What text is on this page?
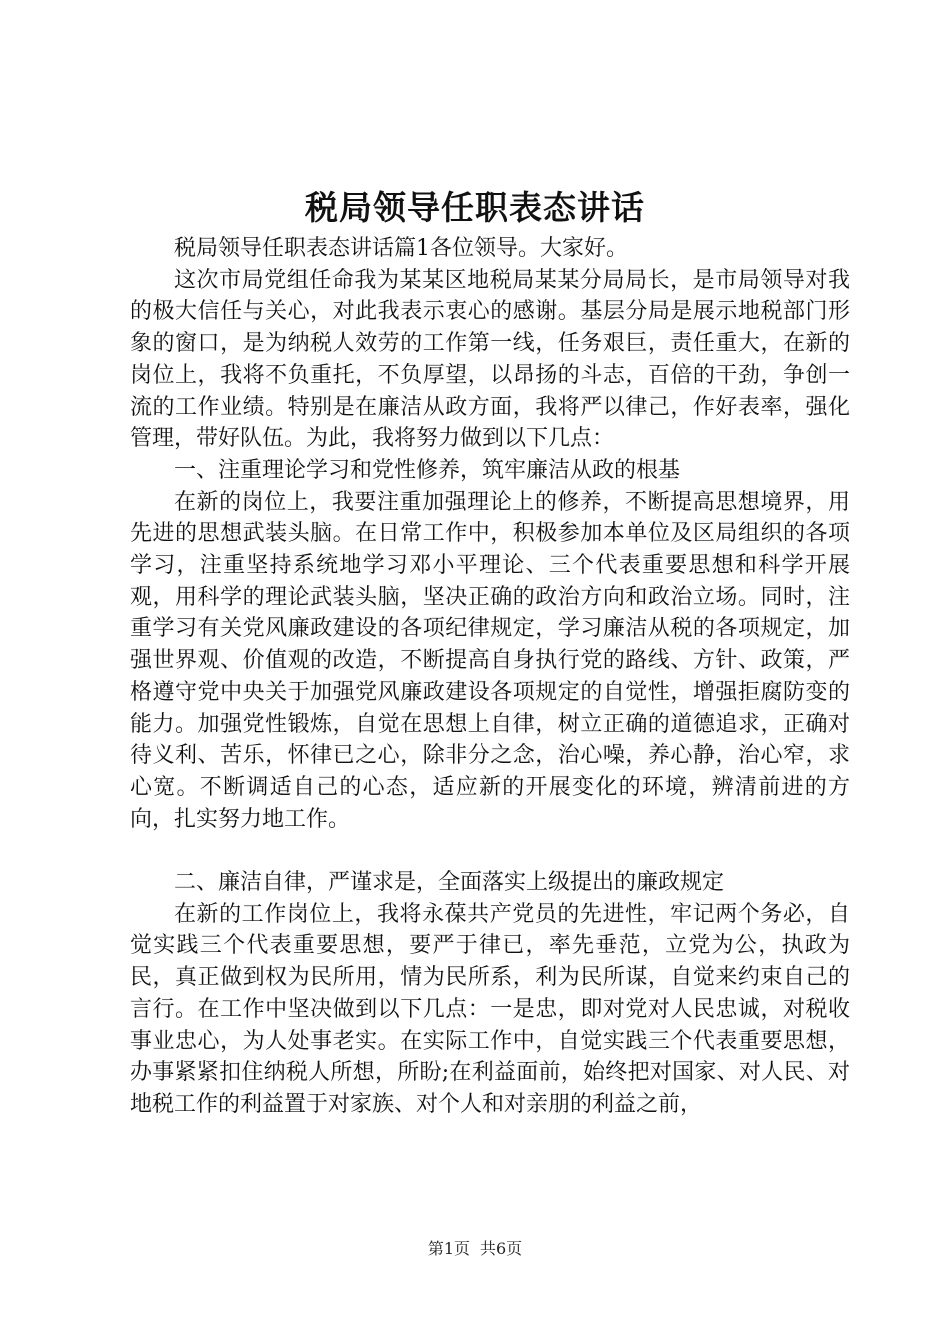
税局领导任职表态讲话

税局领导任职表态讲话篇1各位领导。大家好。

这次市局党组任命我为某某区地税局某某分局局长，是市局领导对我的极大信任与关心，对此我表示衷心的感谢。基层分局是展示地税部门形象的窗口，是为纳税人效劳的工作第一线，任务艰巨，责任重大，在新的岗位上，我将不负重托，不负厚望，以昂扬的斗志，百倍的干劲，争创一流的工作业绩。特别是在廉洁从政方面，我将严以律己，作好表率，强化管理，带好队伍。为此，我将努力做到以下几点：

一、注重理论学习和党性修养，筑牢廉洁从政的根基

在新的岗位上，我要注重加强理论上的修养，不断提高思想境界，用先进的思想武装头脑。在日常工作中，积极参加本单位及区局组织的各项学习，注重坚持系统地学习邓小平理论、三个代表重要思想和科学开展观，用科学的理论武装头脑，坚决正确的政治方向和政治立场。同时，注重学习有关党风廉政建设的各项纪律规定，学习廉洁从税的各项规定，加强世界观、价值观的改造，不断提高自身执行党的路线、方针、政策，严格遵守党中央关于加强党风廉政建设各项规定的自觉性，增强拒腐防变的能力。加强党性锻炼，自觉在思想上自律，树立正确的道德追求，正确对待义利、苦乐，怀律已之心，除非分之念，治心噪，养心静，治心窄，求心宽。不断调适自己的心态，适应新的开展变化的环境，辨清前进的方向，扎实努力地工作。

二、廉洁自律，严谨求是，全面落实上级提出的廉政规定

在新的工作岗位上，我将永葆共产党员的先进性，牢记两个务必，自觉实践三个代表重要思想，要严于律已，率先垂范，立党为公，执政为民，真正做到权为民所用，情为民所系，利为民所谋，自觉来约束自己的言行。在工作中坚决做到以下几点：一是忠，即对党对人民忠诚，对税收事业忠心，为人处事老实。在实际工作中，自觉实践三个代表重要思想，办事紧紧扣住纳税人所想，所盼;在利益面前，始终把对国家、对人民、对地税工作的利益置于对家族、对个人和对亲朋的利益之前，

第1页 共6页
